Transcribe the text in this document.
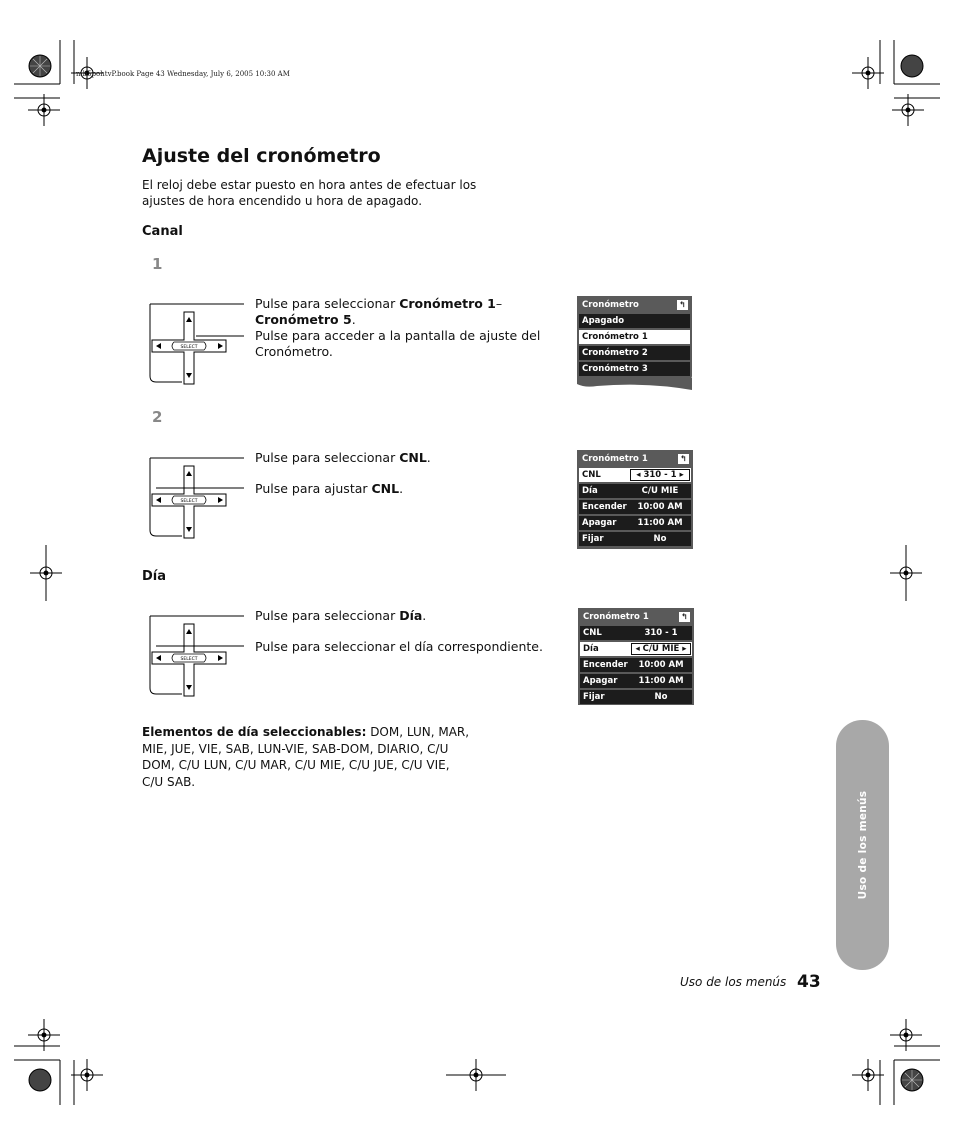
mb5pohtvP.book Page 43 Wednesday, July 6, 2005 10:30 AM
Ajuste del cronómetro
El reloj debe estar puesto en hora antes de efectuar los ajustes de hora encendido u hora de apagado.
Canal
1
SELECT
Pulse para seleccionar Cronómetro 1–
Cronómetro 5.
Pulse para acceder a la pantalla de ajuste del
Cronómetro.
Cronómetro	↰
Apagado
Cronómetro 1
Cronómetro 2
Cronómetro 3
2
SELECT
Pulse para seleccionar CNL.
Pulse para ajustar CNL.
Cronómetro 1	↰
CNL	◂ 310 - 1 ▸
Día	C/U MIE
Encender	10:00 AM
Apagar	11:00 AM
Fijar	No
Día
SELECT
Pulse para seleccionar Día.
Pulse para seleccionar el día correspondiente.
Cronómetro 1	↰
CNL	310 - 1
Día	◂ C/U MIE ▸
Encender	10:00 AM
Apagar	11:00 AM
Fijar	No
Elementos de día seleccionables: DOM, LUN, MAR, MIE, JUE, VIE, SAB, LUN-VIE, SAB-DOM, DIARIO, C/U DOM, C/U LUN, C/U MAR, C/U MIE, C/U JUE, C/U VIE, C/U SAB.
Uso de los menús
Uso de los menús 43
